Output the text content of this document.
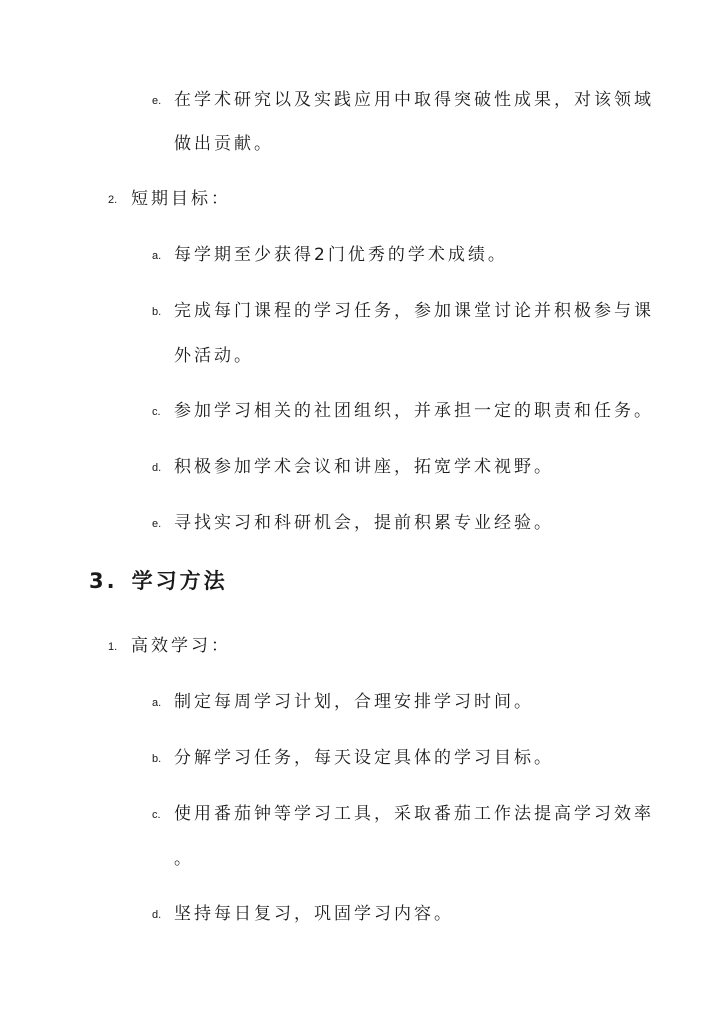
e. 在学术研究以及实践应用中取得突破性成果，对该领域
做出贡献。
2. 短期目标：
a. 每学期至少获得2门优秀的学术成绩。
b. 完成每门课程的学习任务，参加课堂讨论并积极参与课
外活动。
c. 参加学习相关的社团组织，并承担一定的职责和任务。
d. 积极参加学术会议和讲座，拓宽学术视野。
e. 寻找实习和科研机会，提前积累专业经验。
3. 学习方法
1. 高效学习：
a. 制定每周学习计划，合理安排学习时间。
b. 分解学习任务，每天设定具体的学习目标。
c. 使用番茄钟等学习工具，采取番茄工作法提高学习效率
。
d. 坚持每日复习，巩固学习内容。
